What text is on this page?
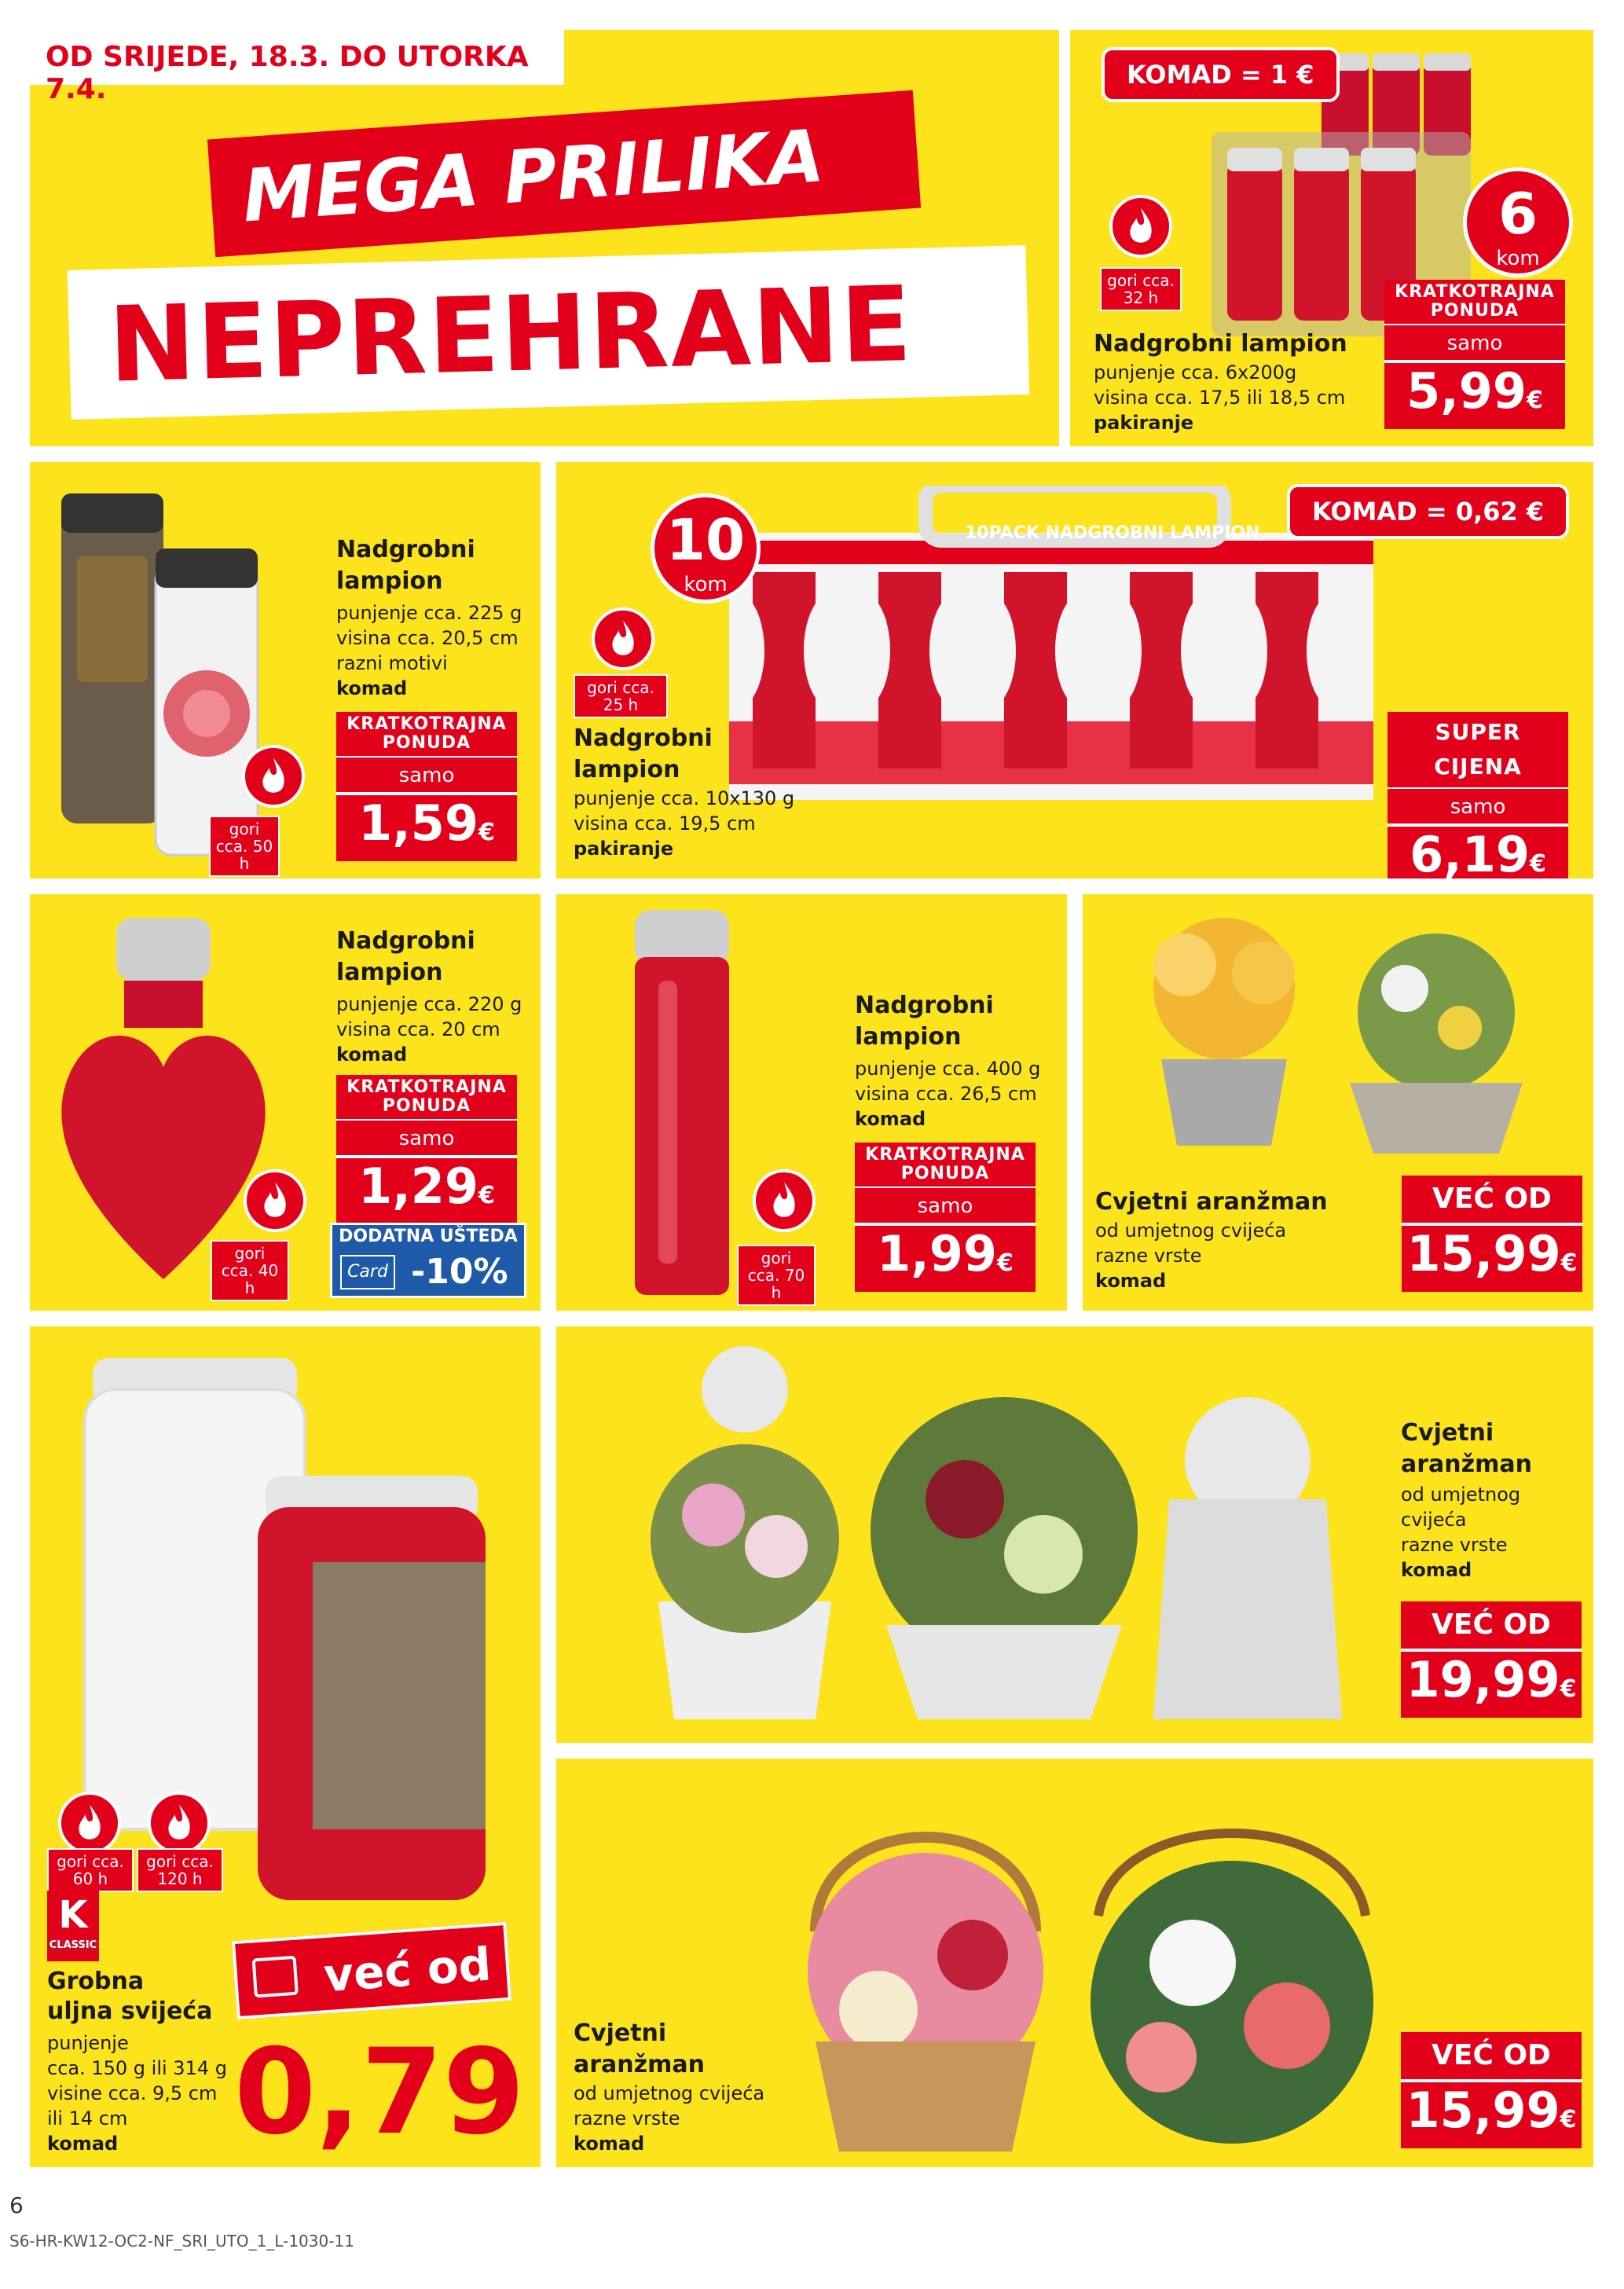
OD SRIJEDE, 18.3. DO UTORKA 7.4.
MEGA PRILIKA
NEPREHRANE
KOMAD = 1 €
6
kom
gori cca. 32 h
Nadgrobni lampion
punjenje cca. 6x200g
visina cca. 17,5 ili 18,5 cm
pakiranje
KRATKOTRAJNA PONUDA
samo
5,99€
gori cca. 50 h
Nadgrobni lampion
punjenje cca. 225 g
visina cca. 20,5 cm
razni motivi
komad
KRATKOTRAJNA PONUDA
samo
1,59€
10PACK NADGROBNI LAMPION
10
kom
KOMAD = 0,62 €
gori cca. 25 h
Nadgrobni lampion
punjenje cca. 10x130 g
visina cca. 19,5 cm
pakiranje
SUPER CIJENA
samo
6,19€
gori cca. 40 h
Nadgrobni lampion
punjenje cca. 220 g
visina cca. 20 cm
komad
KRATKOTRAJNA PONUDA
samo
1,29€
DODATNA UŠTEDA
Card -10%	gori cca. 70 h
Nadgrobni lampion
punjenje cca. 400 g
visina cca. 26,5 cm
komad
KRATKOTRAJNA PONUDA
samo
1,99€
Cvjetni aranžman
od umjetnog cvijeća
razne vrste
komad
VEĆ OD
15,99€
gori cca. 60 h
gori cca. 120 h
K
CLASSIC
Grobna
uljna svijeća
punjenje
cca. 150 g ili 314 g
visine cca. 9,5 cm
ili 14 cm
komad
već od
0,79
Cvjetni aranžman
od umjetnog cvijeća
razne vrste
komad
VEĆ OD
19,99€
Cvjetni aranžman
od umjetnog cvijeća
razne vrste
komad
VEĆ OD
15,99€
6
S6-HR-KW12-OC2-NF_SRI_UTO_1_L-1030-11
